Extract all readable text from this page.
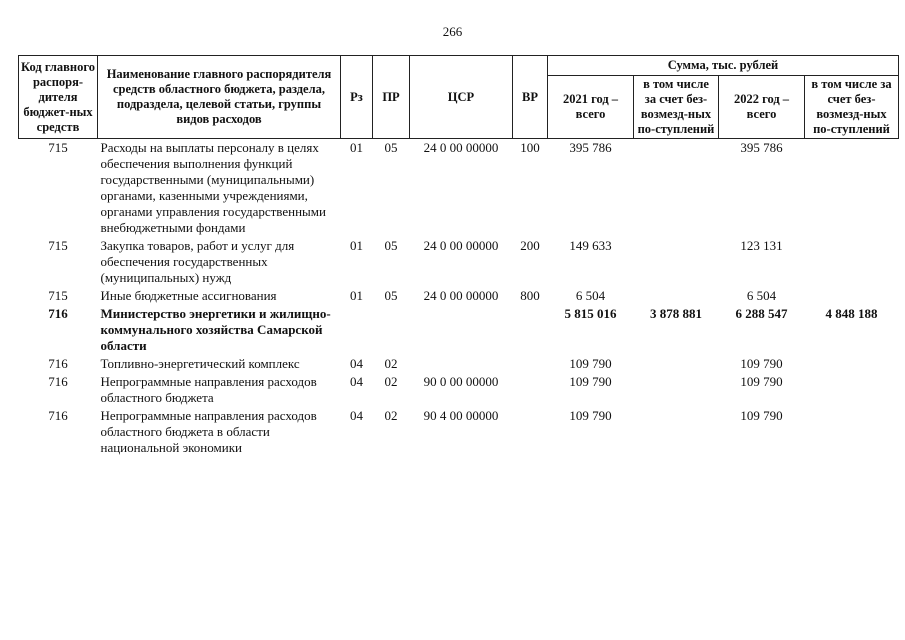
266
Код главного распоря-дителя бюджет-ных средств	Наименование главного распорядителя средств областного бюджета, раздела, подраздела, целевой статьи, группы видов расходов	Рз	ПР	ЦСР	ВР	Сумма, тыс. рублей			
						2021 год – всего	в том числе за счет без-возмезд-ных по-ступлений	2022 год – всего	в том числе за счет без-возмезд-ных по-ступлений
715	Расходы на выплаты персоналу в целях обеспечения выполнения функций государственными (муниципальными) органами, казенными учреждениями, органами управления государственными внебюджетными фондами	01	05	24 0 00 00000	100	395 786		395 786	
715	Закупка товаров, работ и услуг для обеспечения государственных (муниципальных) нужд	01	05	24 0 00 00000	200	149 633		123 131	
715	Иные бюджетные ассигнования	01	05	24 0 00 00000	800	6 504		6 504	
716	Министерство энергетики и жилищно-коммунального хозяйства Самарской области					5 815 016	3 878 881	6 288 547	4 848 188
716	Топливно-энергетический комплекс	04	02			109 790		109 790	
716	Непрограммные направления расходов областного бюджета	04	02	90 0 00 00000		109 790		109 790	
716	Непрограммные направления расходов областного бюджета в области национальной экономики	04	02	90 4 00 00000		109 790		109 790	
